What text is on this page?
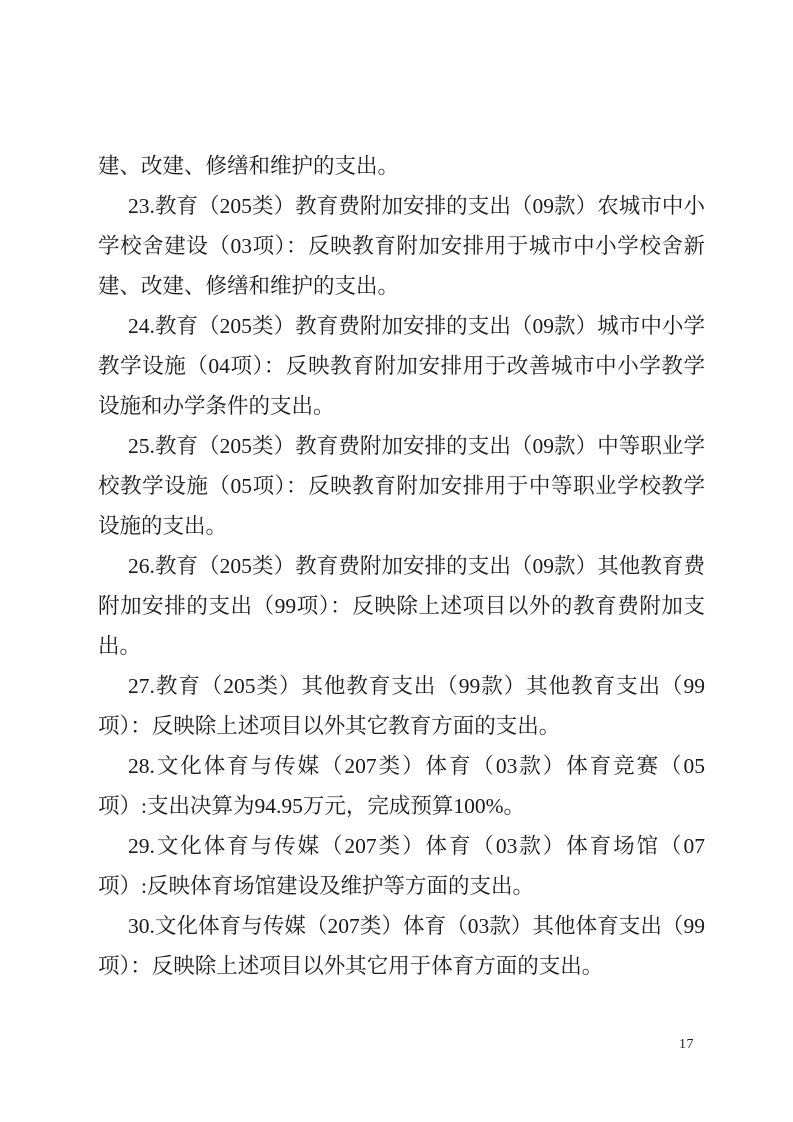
建、改建、修缮和维护的支出。

23.教育（205类）教育费附加安排的支出（09款）农城市中小学校舍建设（03项）：反映教育附加安排用于城市中小学校舍新建、改建、修缮和维护的支出。

24.教育（205类）教育费附加安排的支出（09款）城市中小学教学设施（04项）：反映教育附加安排用于改善城市中小学教学设施和办学条件的支出。

25.教育（205类）教育费附加安排的支出（09款）中等职业学校教学设施（05项）：反映教育附加安排用于中等职业学校教学设施的支出。

26.教育（205类）教育费附加安排的支出（09款）其他教育费附加安排的支出（99项）：反映除上述项目以外的教育费附加支出。

27.教育（205类）其他教育支出（99款）其他教育支出（99项）：反映除上述项目以外其它教育方面的支出。

28.文化体育与传媒（207类）体育（03款）体育竞赛（05项）:支出决算为94.95万元，完成预算100%。

29.文化体育与传媒（207类）体育（03款）体育场馆（07项）:反映体育场馆建设及维护等方面的支出。

30.文化体育与传媒（207类）体育（03款）其他体育支出（99项）：反映除上述项目以外其它用于体育方面的支出。

17
